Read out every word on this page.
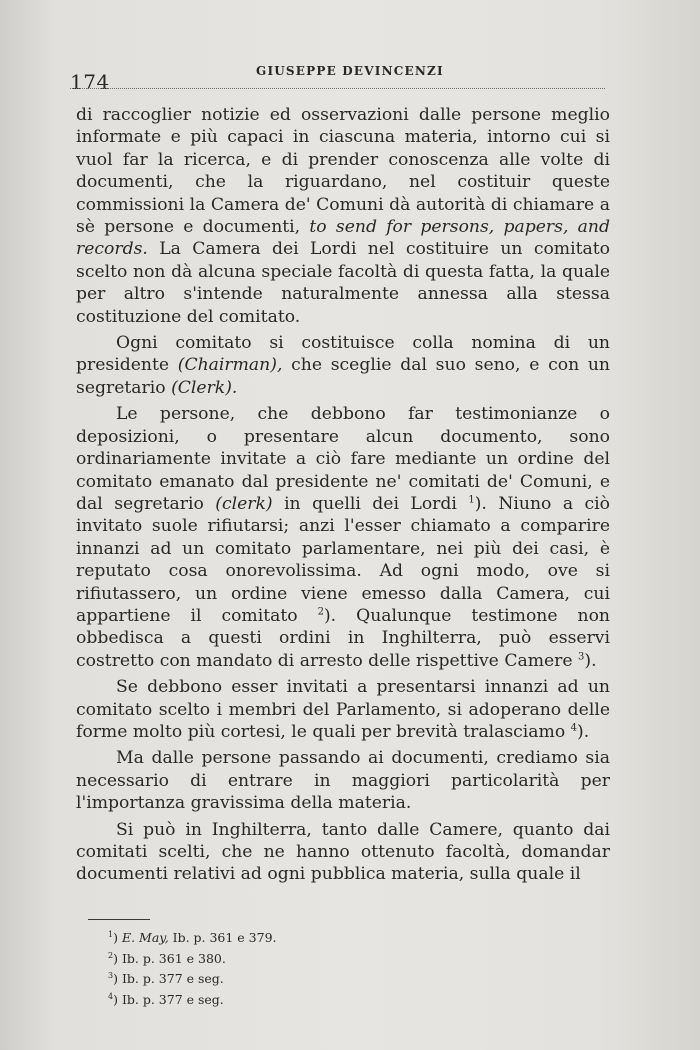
174	GIUSEPPE DEVINCENZI

di raccoglier notizie ed osservazioni dalle persone meglio informate e più capaci in ciascuna materia, intorno cui si vuol far la ricerca, e di prender conoscenza alle volte di documenti, che la riguardano, nel costituir queste commissioni la Camera de' Comuni dà autorità di chiamare a sè persone e documenti, to send for persons, papers, and records. La Camera dei Lordi nel costituire un comitato scelto non dà alcuna speciale facoltà di questa fatta, la quale per altro s'intende naturalmente annessa alla stessa costituzione del comitato.

Ogni comitato si costituisce colla nomina di un presidente (Chairman), che sceglie dal suo seno, e con un segretario (Clerk).

Le persone, che debbono far testimonianze o deposizioni, o presentare alcun documento, sono ordinariamente invitate a ciò fare mediante un ordine del comitato emanato dal presidente ne' comitati de' Comuni, e dal segretario (clerk) in quelli dei Lordi $^1$). Niuno a ciò invitato suole rifiutarsi; anzi l'esser chiamato a comparire innanzi ad un comitato parlamentare, nei più dei casi, è reputato cosa onorevolissima. Ad ogni modo, ove si rifiutassero, un ordine viene emesso dalla Camera, cui appartiene il comitato $^2$). Qualunque testimone non obbedisca a questi ordini in Inghilterra, può esservi costretto con mandato di arresto delle rispettive Camere $^3$).

Se debbono esser invitati a presentarsi innanzi ad un comitato scelto i membri del Parlamento, si adoperano delle forme molto più cortesi, le quali per brevità tralasciamo $^4$).

Ma dalle persone passando ai documenti, crediamo sia necessario di entrare in maggiori particolarità per l'importanza gravissima della materia.

Si può in Inghilterra, tanto dalle Camere, quanto dai comitati scelti, che ne hanno ottenuto facoltà, domandar documenti relativi ad ogni pubblica materia, sulla quale il

$^1$) E. May, Ib. p. 361 e 379.
$^2$) Ib. p. 361 e 380.
$^3$) Ib. p. 377 e seg.
$^4$) Ib. p. 377 e seg.
